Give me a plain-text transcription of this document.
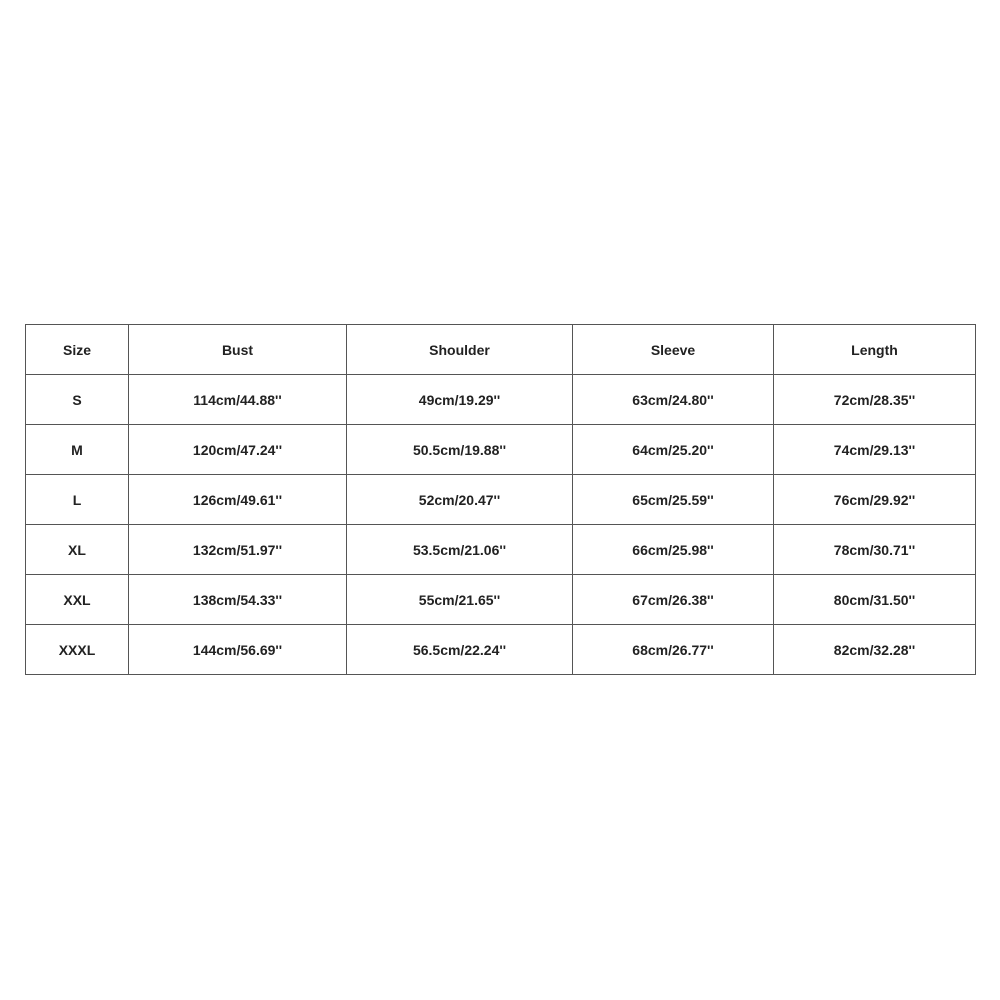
Size	Bust	Shoulder	Sleeve	Length
S	114cm/44.88''	49cm/19.29''	63cm/24.80''	72cm/28.35''
M	120cm/47.24''	50.5cm/19.88''	64cm/25.20''	74cm/29.13''
L	126cm/49.61''	52cm/20.47''	65cm/25.59''	76cm/29.92''
XL	132cm/51.97''	53.5cm/21.06''	66cm/25.98''	78cm/30.71''
XXL	138cm/54.33''	55cm/21.65''	67cm/26.38''	80cm/31.50''
XXXL	144cm/56.69''	56.5cm/22.24''	68cm/26.77''	82cm/32.28''
